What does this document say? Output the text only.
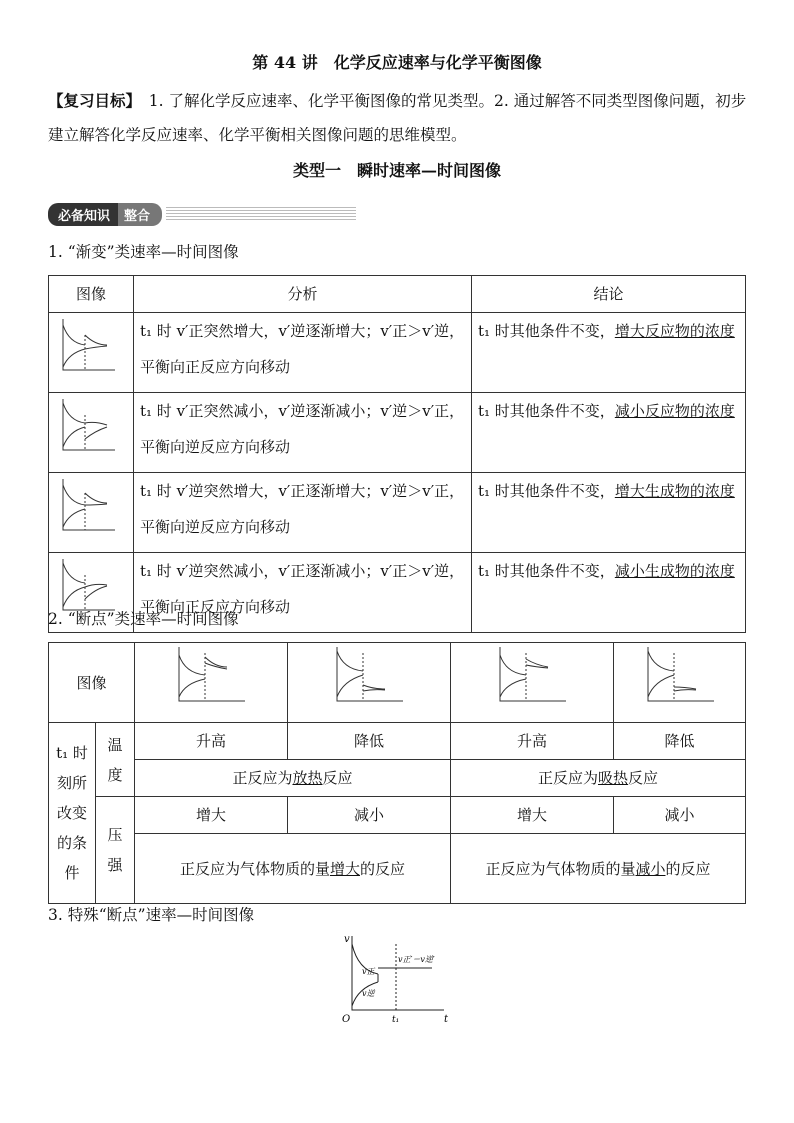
第 44 讲　化学反应速率与化学平衡图像
【复习目标】　1. 了解化学反应速率、化学平衡图像的常见类型。2. 通过解答不同类型图像问题，初步建立解答化学反应速率、化学平衡相关图像问题的思维模型。
类型一　瞬时速率—时间图像
必备知识	整合
1. “渐变”类速率—时间图像
图像	分析	结论
	t₁ 时 v′正突然增大，v′逆逐渐增大；v′正＞v′逆，平衡向正反应方向移动	t₁ 时其他条件不变，增大反应物的浓度
	t₁ 时 v′正突然减小，v′逆逐渐减小；v′逆＞v′正，平衡向逆反应方向移动	t₁ 时其他条件不变，减小反应物的浓度
	t₁ 时 v′逆突然增大，v′正逐渐增大；v′逆＞v′正，平衡向逆反应方向移动	t₁ 时其他条件不变，增大生成物的浓度
	t₁ 时 v′逆突然减小，v′正逐渐减小；v′正＞v′逆，平衡向正反应方向移动	t₁ 时其他条件不变，减小生成物的浓度
2. “断点”类速率—时间图像
图像				
t₁ 时刻所改变的条件	温度	升高	降低	升高	降低
		正反应为放热反应		正反应为吸热反应	
	压强	增大	减小	增大	减小
		正反应为气体物质的量增大的反应		正反应为气体物质的量减小的反应	
3. 特殊“断点”速率—时间图像
v
t
O	t₁
v正
v逆
v正′＝v逆′
